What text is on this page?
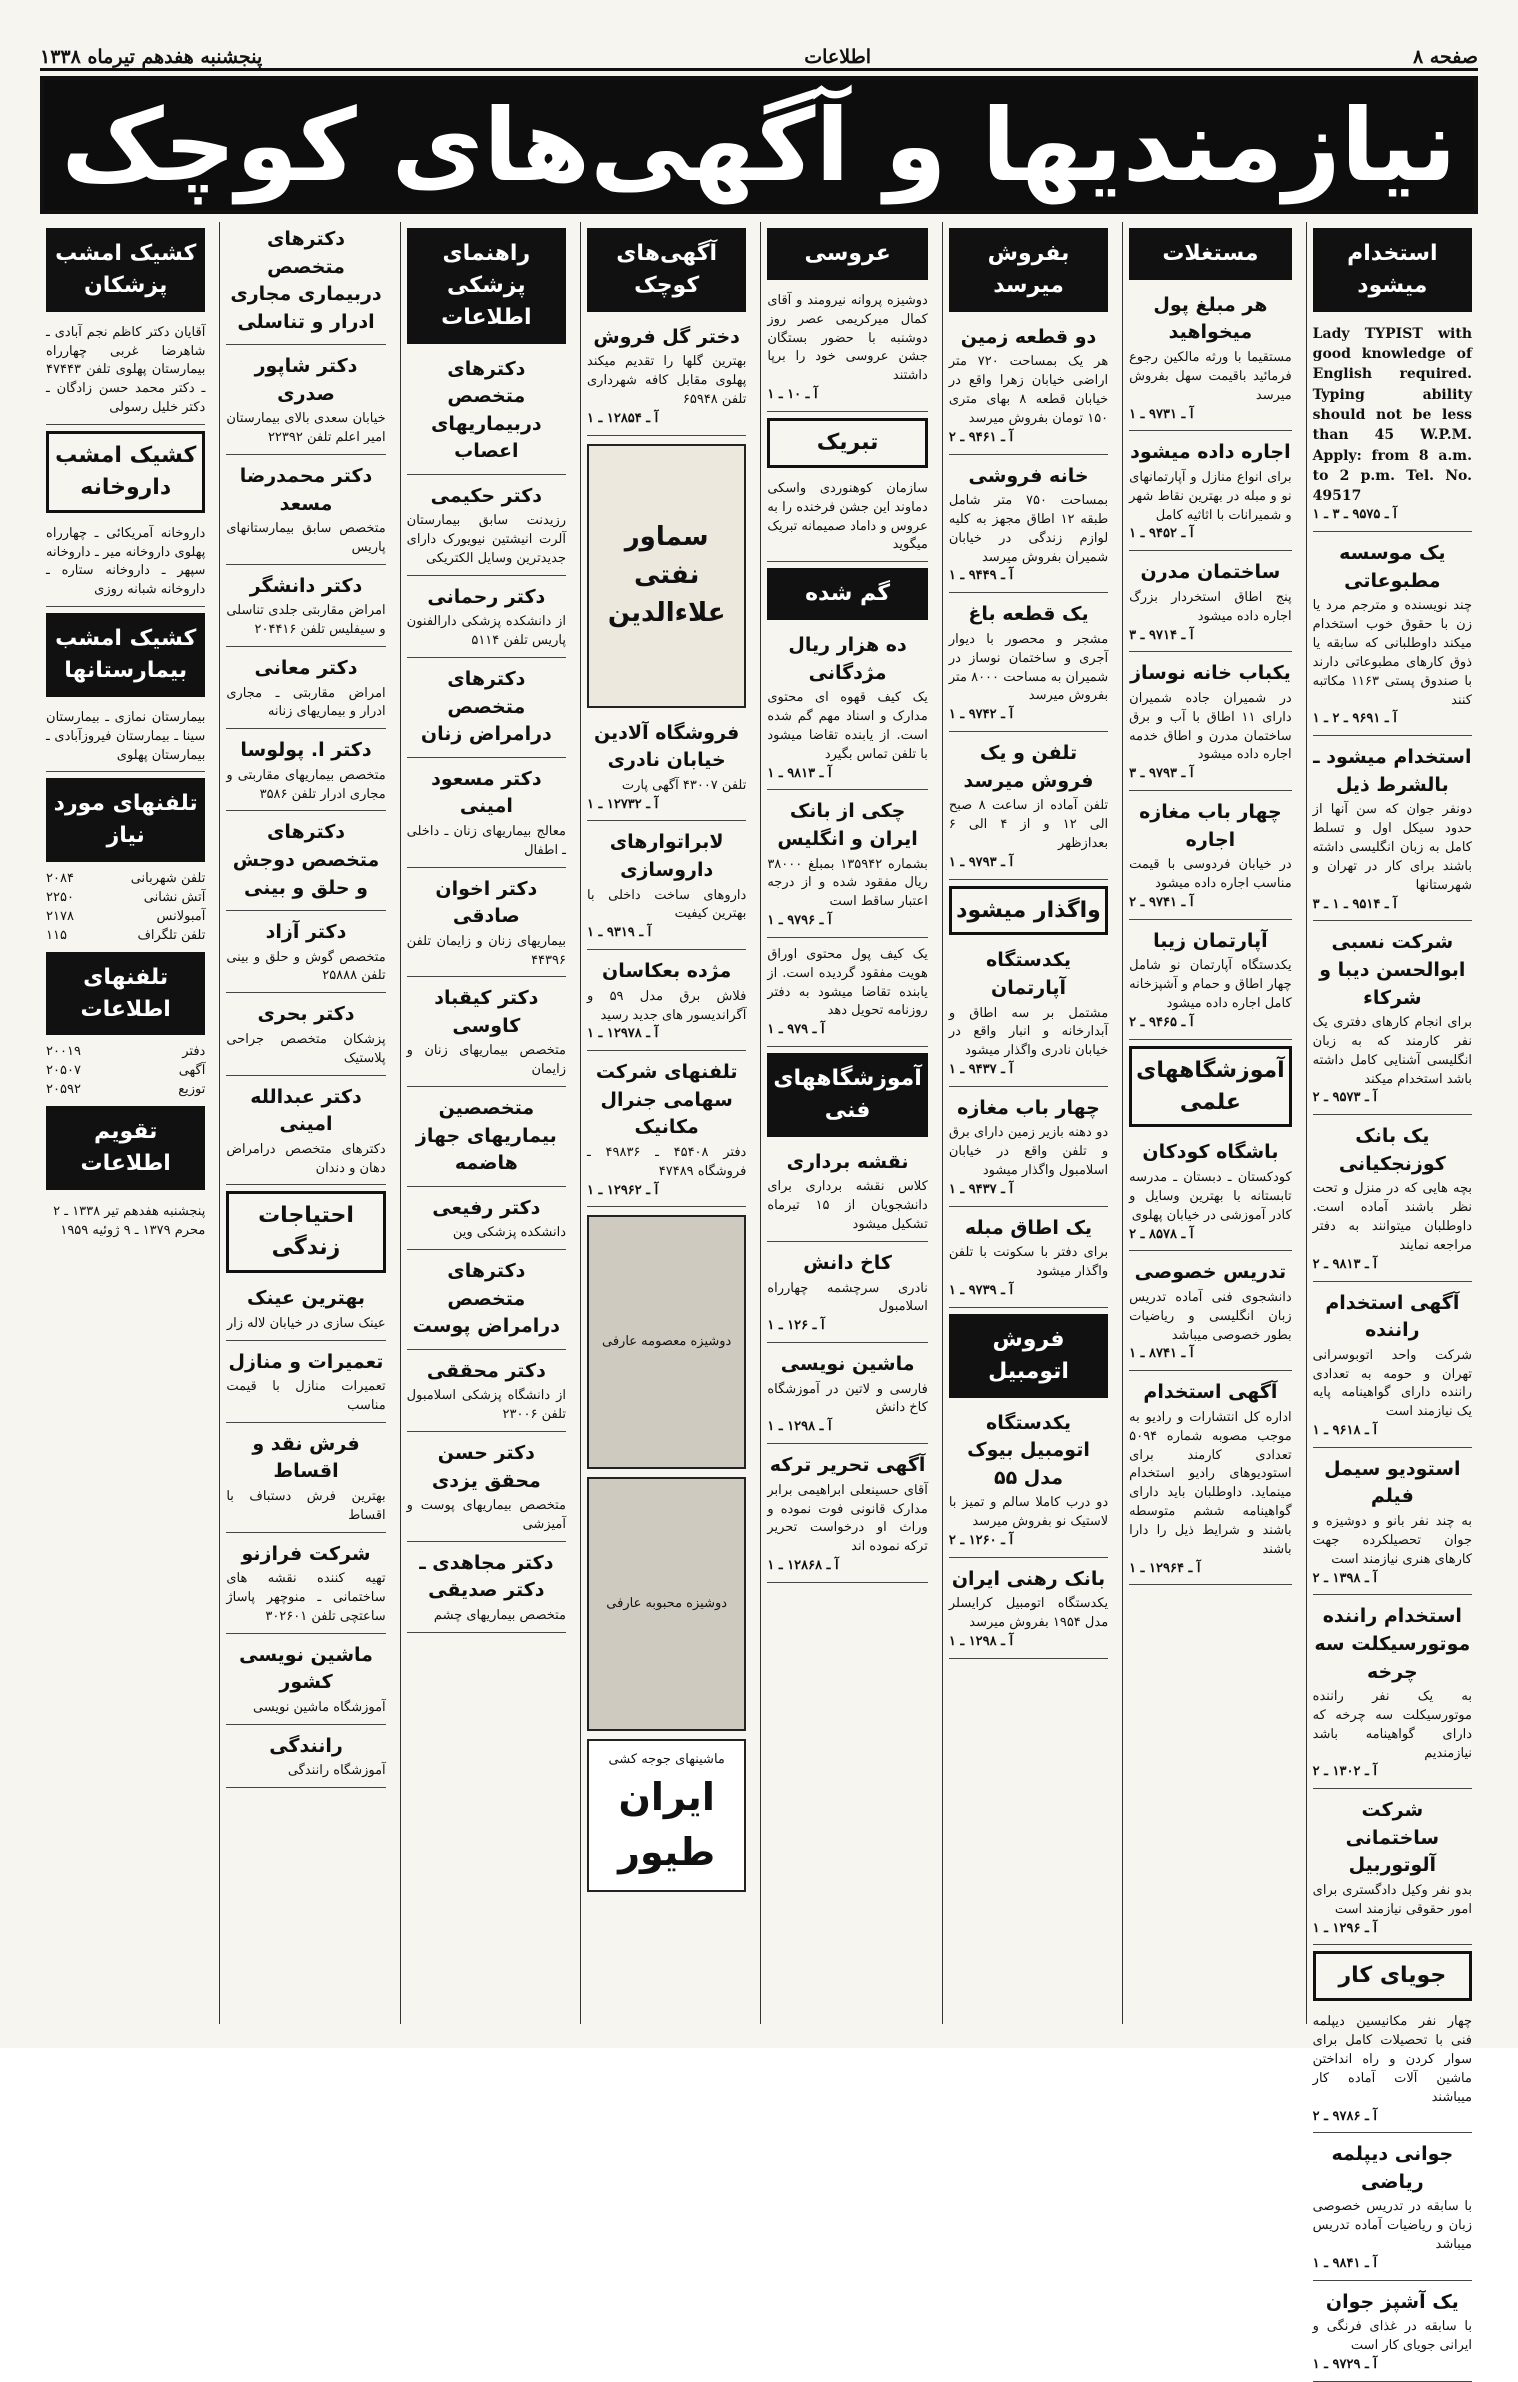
صفحه ۸
اطلاعات
پنجشنبه هفدهم تیرماه ۱۳۳۸
نیازمندیها و آگهی‌های کوچک
استخدام میشود

Lady TYPIST with good knowledge of English required. Typing ability should not be less than 45 W.P.M. Apply: from 8 a.m. to 2 p.m. Tel. No. 49517

آ ـ ۹۵۷۵ ـ ۳ ـ ۱
یک موسسه مطبوعاتی

چند نویسنده و مترجم مرد یا زن با حقوق خوب استخدام میکند داوطلبانی که سابقه یا ذوق کارهای مطبوعاتی دارند با صندوق پستی ۱۱۶۳ مکاتبه کنند

آ ـ ۹۶۹۱ ـ ۲ ـ ۱
استخدام میشود ـ بالشرط ذیل

دونفر جوان که سن آنها از حدود سیکل اول و تسلط کامل به زبان انگلیسی داشته باشند برای کار در تهران و شهرستانها

آ ـ ۹۵۱۴ ـ ۱ ـ ۳
شرکت نسبی ابوالحسن دیبا و شرکاء

برای انجام کارهای دفتری یک نفر کارمند که به زبان انگلیسی آشنایی کامل داشته باشد استخدام میکند

آ ـ ۹۵۷۳ ـ ۲
یک بانک کوزنجکیانی

بچه هایی که در منزل و تحت نظر باشند آماده است. داوطلبان میتوانند به دفتر مراجعه نمایند

آ ـ ۹۸۱۳ ـ ۲
آگهی استخدام راننده

شرکت واحد اتوبوسرانی تهران و حومه به تعدادی راننده دارای گواهینامه پایه یک نیازمند است

آ ـ ۹۶۱۸ ـ ۱
استودیو سیمل فیلم

به چند نفر بانو و دوشیزه و جوان تحصیلکرده جهت کارهای هنری نیازمند است

آ ـ ۱۳۹۸ ـ ۲
استخدام راننده موتورسیکلت سه چرخه

به یک نفر راننده موتورسیکلت سه چرخه که دارای گواهینامه باشد نیازمندیم

آ ـ ۱۳۰۲ ـ ۲
شرکت ساختمانی آلوتوربیل

بدو نفر وکیل دادگستری برای امور حقوقی نیازمند است

آ ـ ۱۲۹۶ ـ ۱
جویای کار

چهار نفر مکانیسین دیپلمه فنی با تحصیلات کامل برای سوار کردن و راه انداختن ماشین آلات آماده کار میباشند

آ ـ ۹۷۸۶ ـ ۲
جوانی دیپلمه ریاضی

با سابقه در تدریس خصوصی زبان و ریاضیات آماده تدریس میباشد

آ ـ ۹۸۴۱ ـ ۱
یک آشپز جوان

با سابقه در غذای فرنگی و ایرانی جویای کار است

آ ـ ۹۷۲۹ ـ ۱
مستغلات
هر مبلغ پول میخواهید

مستقیما با ورثه مالکین رجوع فرمائید باقیمت سهل بفروش میرسد

آ ـ ۹۷۳۱ ـ ۱
اجاره داده میشود

برای انواع منازل و آپارتمانهای نو و مبله در بهترین نقاط شهر و شمیرانات با اثاثیه کامل

آ ـ ۹۴۵۲ ـ ۱
ساختمان مدرن

پنج اطاق استخردار بزرگ اجاره داده میشود

آ ـ ۹۷۱۴ ـ ۳
یکباب خانه نوساز

در شمیران جاده شمیران دارای ۱۱ اطاق با آب و برق ساختمان مدرن و اطاق خدمه اجاره داده میشود

آ ـ ۹۷۹۳ ـ ۳
چهار باب مغازه اجاره

در خیابان فردوسی با قیمت مناسب اجاره داده میشود

آ ـ ۹۷۴۱ ـ ۲
آپارتمان زیبا

یکدستگاه آپارتمان نو شامل چهار اطاق و حمام و آشپزخانه کامل اجاره داده میشود

آ ـ ۹۴۶۵ ـ ۲
آموزشگاههای علمی
باشگاه کودکان

کودکستان ـ دبستان ـ مدرسه تابستانه با بهترین وسایل و کادر آموزشی در خیابان پهلوی

آ ـ ۸۵۷۸ ـ ۲
تدریس خصوصی

دانشجوی فنی آماده تدریس زبان انگلیسی و ریاضیات بطور خصوصی میباشد

آ ـ ۸۷۴۱ ـ ۱
آگهی استخدام

اداره کل انتشارات و رادیو به موجب مصوبه شماره ۵۰۹۴ تعدادی کارمند برای استودیوهای رادیو استخدام مینماید. داوطلبان باید دارای گواهینامه ششم متوسطه باشند و شرایط ذیل را دارا باشند

آ ـ ۱۲۹۶۴ ـ ۱
بفروش میرسد
دو قطعه زمین

هر یک بمساحت ۷۲۰ متر اراضی خیابان زهرا واقع در خیابان قطعه ۸ بهای متری ۱۵۰ تومان بفروش میرسد

آ ـ ۹۴۶۱ ـ ۲
خانه فروشی

بمساحت ۷۵۰ متر شامل طبقه ۱۲ اطاق مجهز به کلیه لوازم زندگی در خیابان شمیران بفروش میرسد

آ ـ ۹۴۴۹ ـ ۱
یک قطعه باغ

مشجر و محصور با دیوار آجری و ساختمان نوساز در شمیران به مساحت ۸۰۰۰ متر بفروش میرسد

آ ـ ۹۷۴۲ ـ ۱
تلفن و یک فروش میرسد

تلفن آماده از ساعت ۸ صبح الی ۱۲ و از ۴ الی ۶ بعدازظهر

آ ـ ۹۷۹۳ ـ ۱
واگذار میشود
یکدستگاه آپارتمان

مشتمل بر سه اطاق و آبدارخانه و انبار واقع در خیابان نادری واگذار میشود

آ ـ ۹۴۳۷ ـ ۱
چهار باب مغازه

دو دهنه بازیر زمین دارای برق و تلفن واقع در خیابان اسلامبول واگذار میشود

آ ـ ۹۴۳۷ ـ ۱
یک اطاق مبله

برای دفتر با سکونت با تلفن واگذار میشود

آ ـ ۹۷۳۹ ـ ۱
فروش اتومبیل
یکدستگاه اتومبیل بیوک مدل ۵۵

دو درب کاملا سالم و تمیز با لاستیک نو بفروش میرسد

آ ـ ۱۲۶۰ ـ ۲
بانک رهنی ایران

یکدستگاه اتومبیل کرایسلر مدل ۱۹۵۴ بفروش میرسد

آ ـ ۱۲۹۸ ـ ۱
عروسی

دوشیزه پروانه نیرومند و آقای کمال میرکریمی عصر روز دوشنبه با حضور بستگان جشن عروسی خود را برپا داشتند

آ ـ ۱۰ ـ ۱
تبریک

سازمان کوهنوردی واسکی دماوند این جشن فرخنده را به عروس و داماد صمیمانه تبریک میگوید

گم شده
ده هزار ریال مژدگانی

یک کیف قهوه ای محتوی مدارک و اسناد مهم گم شده است. از یابنده تقاضا میشود با تلفن تماس بگیرد

آ ـ ۹۸۱۳ ـ ۱
چکی از بانک ایران و انگلیس

بشماره ۱۳۵۹۴۲ بمبلغ ۳۸۰۰۰ ریال مفقود شده و از درجه اعتبار ساقط است

آ ـ ۹۷۹۶ ـ ۱

یک کیف پول محتوی اوراق هویت مفقود گردیده است. از یابنده تقاضا میشود به دفتر روزنامه تحویل دهد

آ ـ ۹۷۹ ـ ۱
آموزشگاههای فنی
نقشه برداری

کلاس نقشه برداری برای دانشجویان از ۱۵ تیرماه تشکیل میشود

کاخ دانش

نادری سرچشمه چهارراه اسلامبول

آ ـ ۱۲۶ ـ ۱
ماشین نویسی

فارسی و لاتین در آموزشگاه کاخ دانش

آ ـ ۱۲۹۸ ـ ۱
آگهی تحریر ترکه

آقای حسینعلی ابراهیمی برابر مدارک قانونی فوت نموده و وراث او درخواست تحریر ترکه نموده اند

آ ـ ۱۲۸۶۸ ـ ۱
آگهی‌های کوچک
دختر گل فروش

بهترین گلها را تقدیم میکند پهلوی مقابل کافه شهرداری تلفن ۶۵۹۴۸

آ ـ ۱۲۸۵۴ ـ ۱
سماور نفتی علاءالدین
فروشگاه آلادین خیابان نادری

تلفن ۴۳۰۰۷ آگهی پارت

آ ـ ۱۲۷۳۲ ـ ۱
لابراتوارهای داروسازی

داروهای ساخت داخلی با بهترین کیفیت

آ ـ ۹۳۱۹ ـ ۱
مژده بعکاسان

فلاش برق مدل ۵۹ و آگراندیسور های جدید رسید

آ ـ ۱۲۹۷۸ ـ ۱
تلفنهای شرکت سهامی جنرال مکانیک

دفتر ۴۵۴۰۸ ـ ۴۹۸۳۶ ـ فروشگاه ۴۷۴۸۹

آ ـ ۱۲۹۶۲ ـ ۱
دوشیزه معصومه عارفی
دوشیزه محبوبه عارفی
ماشینهای جوجه کشی
ایران طیور
راهنمای پزشکی اطلاعات
دکترهای متخصص دربیماریهای اعصاب
دکتر حکیمی

رزیدنت سابق بیمارستان آلرت انیشتین نیویورک دارای جدیدترین وسایل الکتریکی

دکتر رحمانی

از دانشکده پزشکی دارالفنون پاریس تلفن ۵۱۱۴

دکترهای متخصص درامراض زنان
دکتر مسعود امینی

معالج بیماریهای زنان ـ داخلی ـ اطفال

دکتر اخوان صادقی

بیماریهای زنان و زایمان تلفن ۴۴۳۹۶

دکتر کیقباد کاوسی

متخصص بیماریهای زنان و زایمان

متخصصین بیماریهای جهاز هاضمه
دکتر رفیعی

دانشکده پزشکی وین

دکترهای متخصص درامراض پوست
دکتر محققی

از دانشگاه پزشکی اسلامبول تلفن ۲۳۰۰۶

دکتر حسن محقق یزدی

متخصص بیماریهای پوست و آمیزشی

دکتر مجاهدی ـ دکتر صدیقی

متخصص بیماریهای چشم

دکترهای متخصص دربیماری مجاری ادرار و تناسلی
دکتر شاپور صدری

خیابان سعدی بالای بیمارستان امیر اعلم تلفن ۲۲۳۹۲

دکتر محمدرضا مسعد

متخصص سابق بیمارستانهای پاریس

دکتر دانشگر

امراض مقاربتی جلدی تناسلی و سیفلیس تلفن ۲۰۴۴۱۶

دکتر معانی

امراض مقاربتی ـ مجاری ادرار و بیماریهای زنانه

دکتر ا. پولوسا

متخصص بیماریهای مقاربتی و مجاری ادرار تلفن ۳۵۸۶

دکترهای متخصص دوجش و حلق و بینی
دکتر آزاد

متخصص گوش و حلق و بینی تلفن ۲۵۸۸۸

دکتر بحری

پزشکان متخصص جراحی پلاستیک

دکتر عبدالله امینی

دکترهای متخصص درامراض دهان و دندان

احتیاجات زندگی
بهترین عینک

عینک سازی در خیابان لاله زار

تعمیرات و منازل

تعمیرات منازل با قیمت مناسب

فرش نقد و اقساط

بهترین فرش دستباف با اقساط

شرکت فرازنو

تهیه کننده نقشه های ساختمانی ـ منوچهر پاساژ ساعتچی تلفن ۳۰۲۶۰۱

ماشین نویسی کشور

آموزشگاه ماشین نویسی

رانندگی

آموزشگاه رانندگی

کشیک امشب پزشکان

آقایان دکتر کاظم نجم آبادی ـ شاهرضا غربی چهارراه بیمارستان پهلوی تلفن ۴۷۴۴۳ ـ دکتر محمد حسن زادگان ـ دکتر خلیل رسولی

کشیک امشب داروخانه

داروخانه آمریکائی ـ چهارراه پهلوی داروخانه میر ـ داروخانه سپهر ـ داروخانه ستاره ـ داروخانه شبانه روزی

کشیک امشب بیمارستانها

بیمارستان نمازی ـ بیمارستان سینا ـ بیمارستان فیروزآبادی ـ بیمارستان پهلوی

تلفنهای مورد نیاز
تلفن شهربانی
۲۰۸۴
آتش نشانی
۲۲۵۰
آمبولانس
۲۱۷۸
تلفن تلگراف
۱۱۵
تلفنهای اطلاعات
دفتر
۲۰۰۱۹
آگهی
۲۰۵۰۷
توزیع
۲۰۵۹۲
تقویم اطلاعات

پنجشنبه هفدهم تیر ۱۳۳۸ ـ ۲ محرم ۱۳۷۹ ـ ۹ ژوئیه ۱۹۵۹
